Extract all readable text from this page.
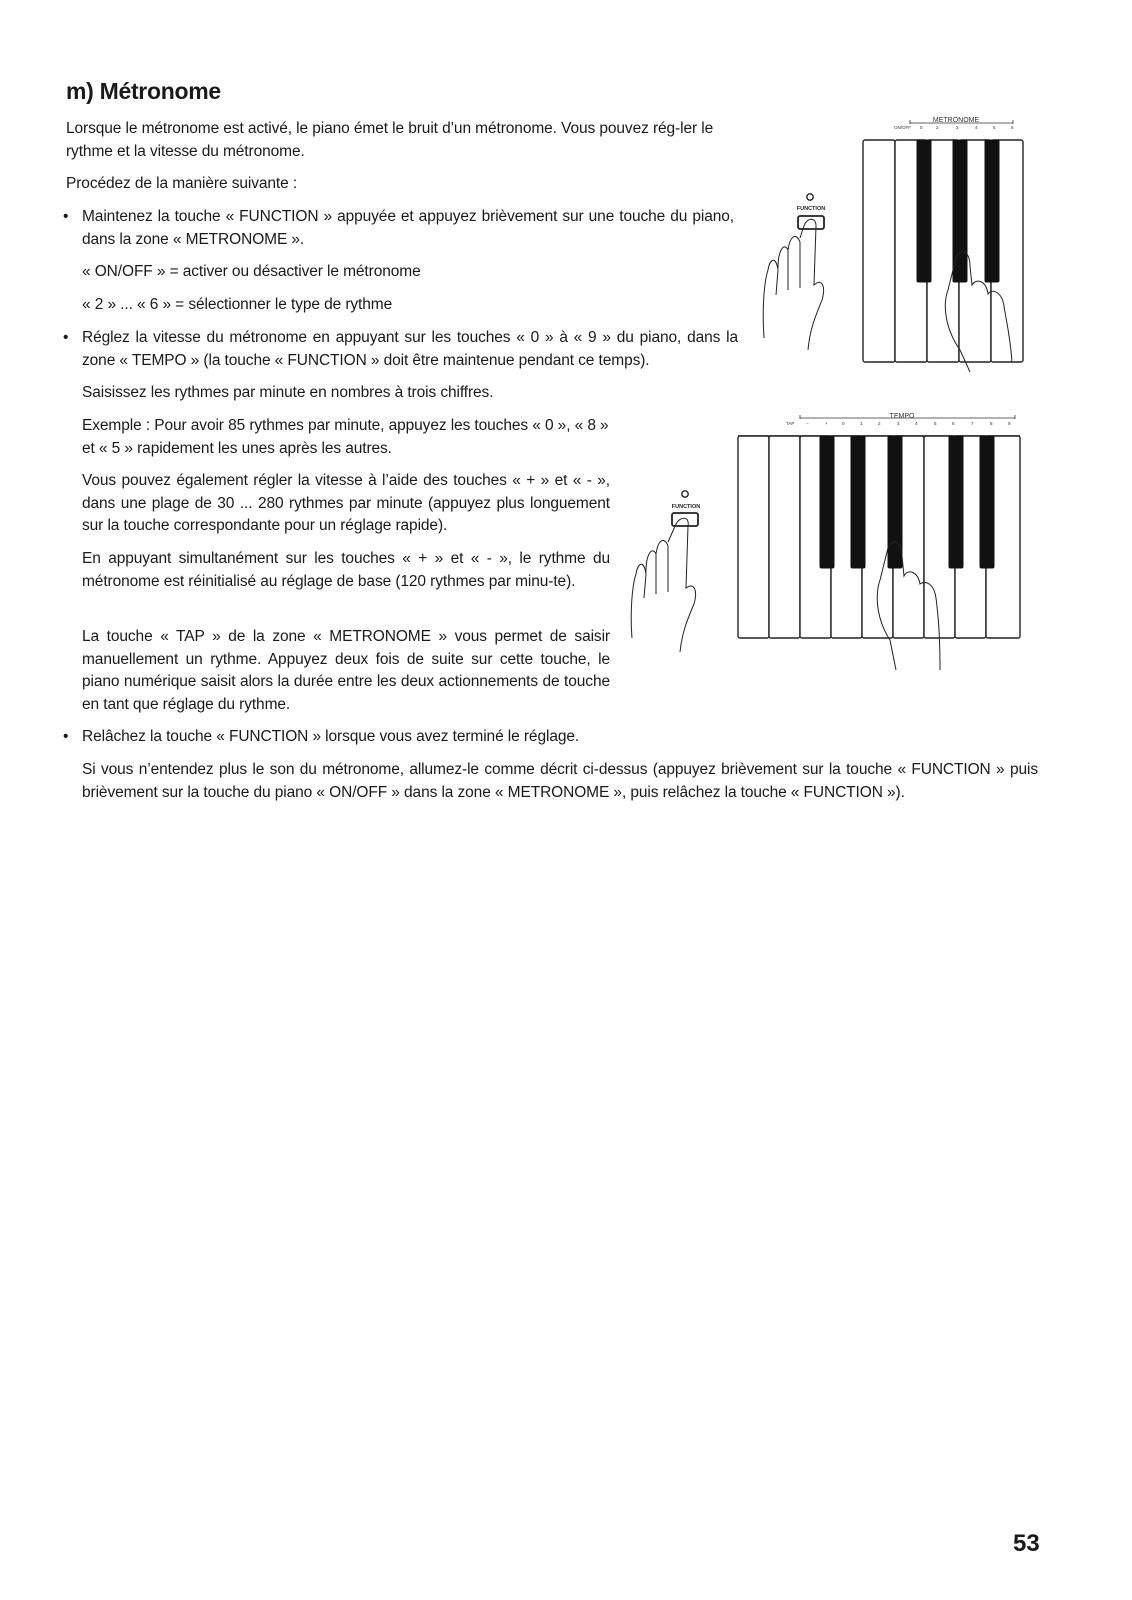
m) Métronome

Lorsque le métronome est activé, le piano émet le bruit d’un métronome. Vous pouvez rég-ler le rythme et la vitesse du métronome.

Procédez de la manière suivante :

• Maintenez la touche « FUNCTION » appuyée et appuyez brièvement sur une touche du piano, dans la zone « METRONOME ».

« ON/OFF » = activer ou désactiver le métronome

« 2 » ... « 6 » = sélectionner le type de rythme

• Réglez la vitesse du métronome en appuyant sur les touches « 0 » à « 9 » du piano, dans la zone « TEMPO » (la touche « FUNCTION » doit être maintenue pendant ce temps).

Saisissez les rythmes par minute en nombres à trois chiffres.

Exemple : Pour avoir 85 rythmes par minute, appuyez les touches « 0 », « 8 » et « 5 » rapidement les unes après les autres.

Vous pouvez également régler la vitesse à l’aide des touches « + » et « - », dans une plage de 30 ... 280 rythmes par minute (appuyez plus longuement sur la touche correspondante pour un réglage rapide).

En appuyant simultanément sur les touches « + » et « - », le rythme du métronome est réinitialisé au réglage de base (120 rythmes par minu-te).

La touche « TAP » de la zone « METRONOME » vous permet de saisir manuellement un rythme. Appuyez deux fois de suite sur cette touche, le piano numérique saisit alors la durée entre les deux actionnements de touche en tant que réglage du rythme.

• Relâchez la touche « FUNCTION » lorsque vous avez terminé le réglage.

Si vous n’entendez plus le son du métronome, allumez-le comme décrit ci-dessus (appuyez brièvement sur la touche « FUNCTION » puis brièvement sur la touche du piano « ON/OFF » dans la zone « METRONOME », puis relâchez la touche « FUNCTION »).

METRONOME
ON/OFF 0	2	3	4	5	6
FUNCTION
TEMPO
TAP	−	+	0	1	2	3	4	5	6	7	8	9
FUNCTION
53
